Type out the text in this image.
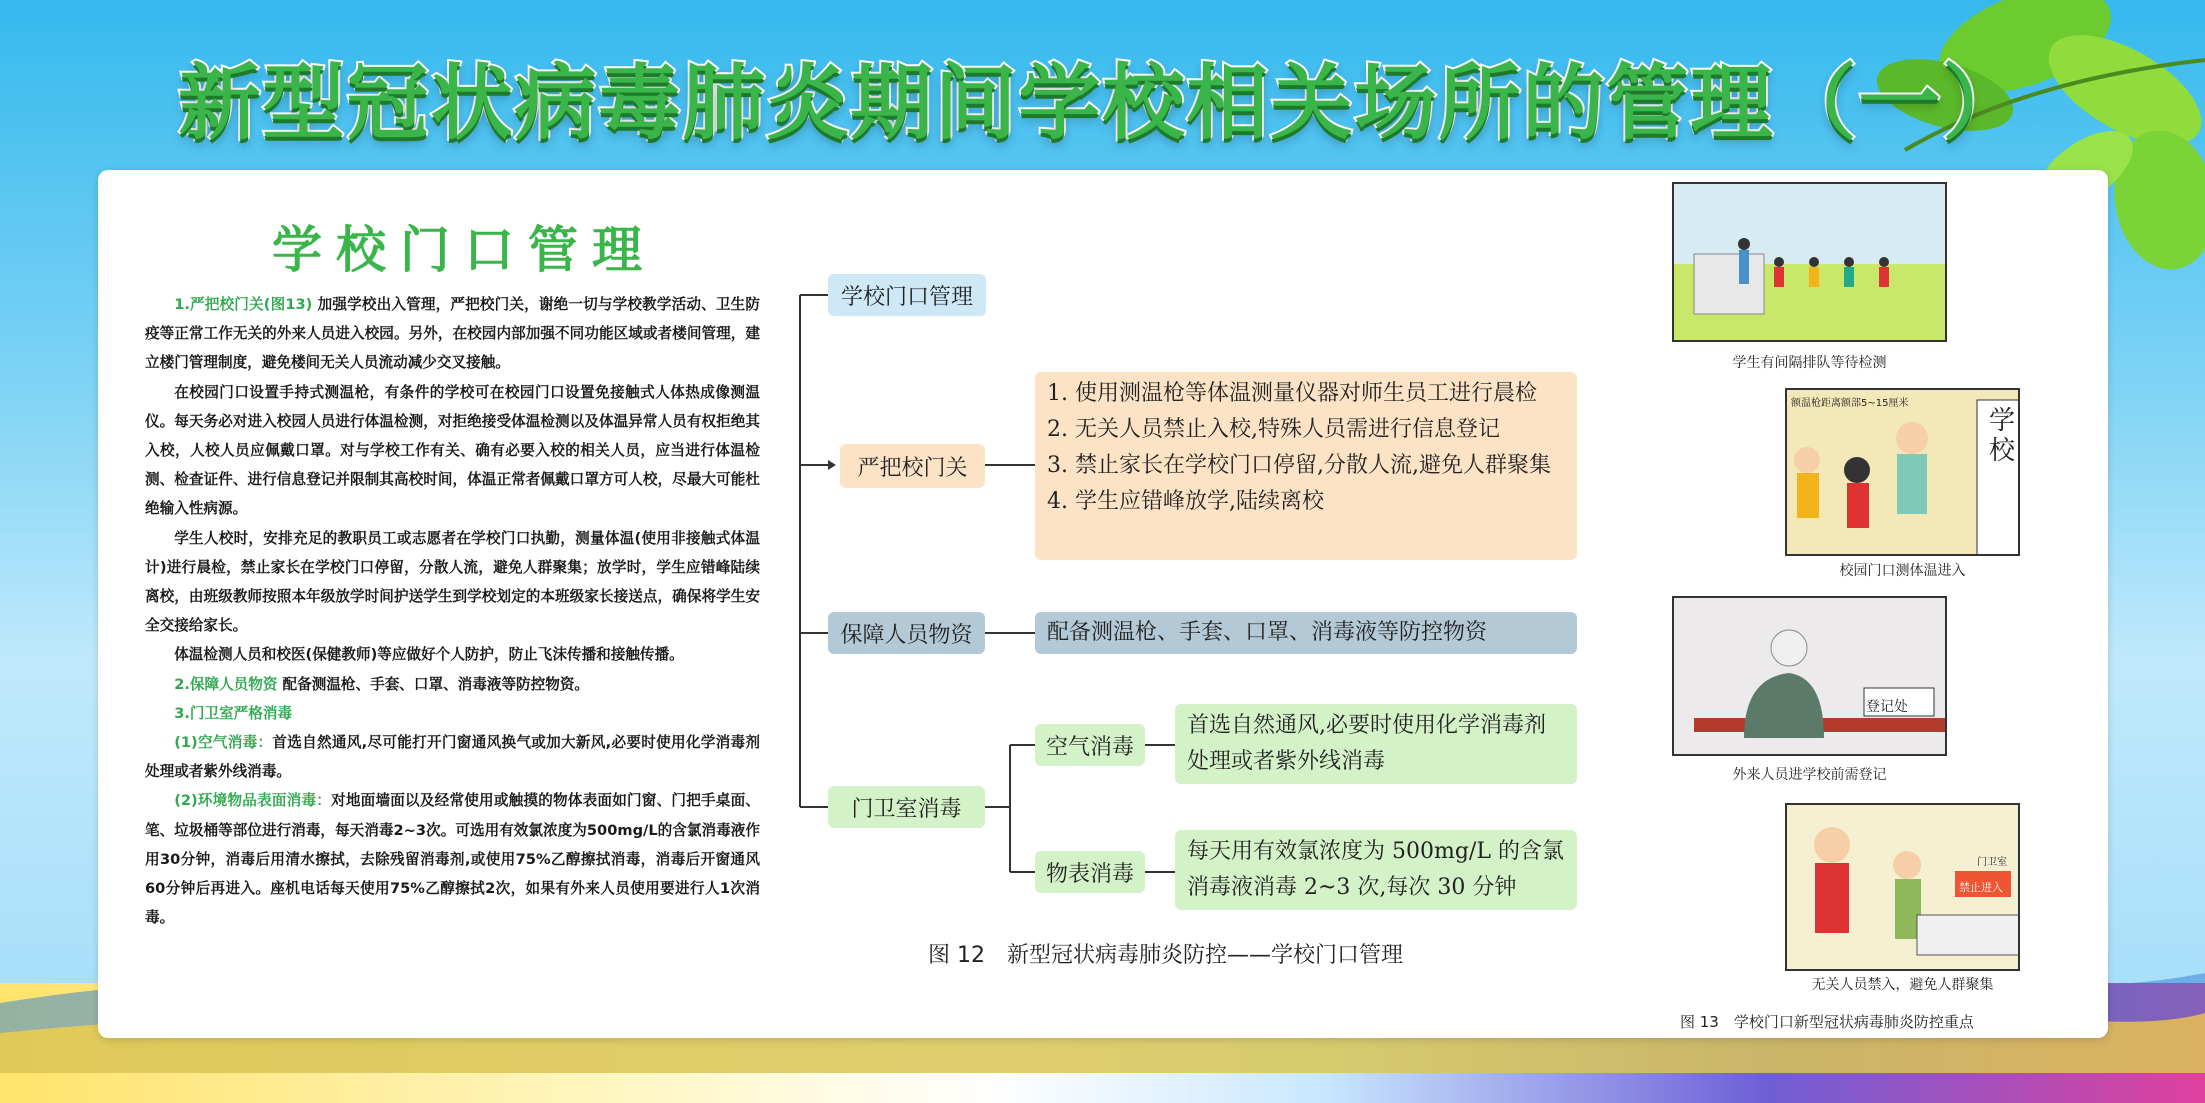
新型冠状病毒肺炎期间学校相关场所的管理（一）
学校门口管理

1.严把校门关(图13) 加强学校出入管理，严把校门关，谢绝一切与学校教学活动、卫生防疫等正常工作无关的外来人员进入校园。另外，在校园内部加强不同功能区域或者楼间管理，建立楼门管理制度，避免楼间无关人员流动减少交叉接触。

在校园门口设置手持式测温枪，有条件的学校可在校园门口设置免接触式人体热成像测温仪。每天务必对进入校园人员进行体温检测，对拒绝接受体温检测以及体温异常人员有权拒绝其入校，人校人员应佩戴口罩。对与学校工作有关、确有必要入校的相关人员，应当进行体温检测、检查证件、进行信息登记并限制其高校时间，体温正常者佩戴口罩方可人校，尽最大可能杜绝输入性病源。

学生人校时，安排充足的教职员工或志愿者在学校门口执勤，测量体温(使用非接触式体温计)进行晨检，禁止家长在学校门口停留，分散人流，避免人群聚集；放学时，学生应错峰陆续离校，由班级教师按照本年级放学时间护送学生到学校划定的本班级家长接送点，确保将学生安全交接给家长。

体温检测人员和校医(保健教师)等应做好个人防护，防止飞沫传播和接触传播。

2.保障人员物资 配备测温枪、手套、口罩、消毒液等防控物资。

3.门卫室严格消毒

(1)空气消毒：首选自然通风,尽可能打开门窗通风换气或加大新风,必要时使用化学消毒剂处理或者紫外线消毒。

(2)环境物品表面消毒：对地面墙面以及经常使用或触摸的物体表面如门窗、门把手桌面、笔、垃圾桶等部位进行消毒，每天消毒2~3次。可选用有效氯浓度为500mg/L的含氯消毒液作用30分钟，消毒后用清水擦拭，去除残留消毒剂,或使用75%乙醇擦拭消毒，消毒后开窗通风60分钟后再进入。座机电话每天使用75%乙醇擦拭2次，如果有外来人员使用要进行人1次消毒。

学校门口管理
严把校门关
1. 使用测温枪等体温测量仪器对师生员工进行晨检
2. 无关人员禁止入校,特殊人员需进行信息登记
3. 禁止家长在学校门口停留,分散人流,避免人群聚集
4. 学生应错峰放学,陆续离校
保障人员物资	配备测温枪、手套、口罩、消毒液等防控物资
门卫室消毒
空气消毒
首选自然通风,必要时使用化学消毒剂处理或者紫外线消毒
物表消毒
每天用有效氯浓度为 500mg/L 的含氯消毒液消毒 2~3 次,每次 30 分钟
图 12　新型冠状病毒肺炎防控——学校门口管理
学生有间隔排队等待检测
额温枪距离额部5~15厘米
学校
校园门口测体温进入
登记处
外来人员进学校前需登记
门卫室
禁止进入
无关人员禁入，避免人群聚集
图 13　学校门口新型冠状病毒肺炎防控重点
